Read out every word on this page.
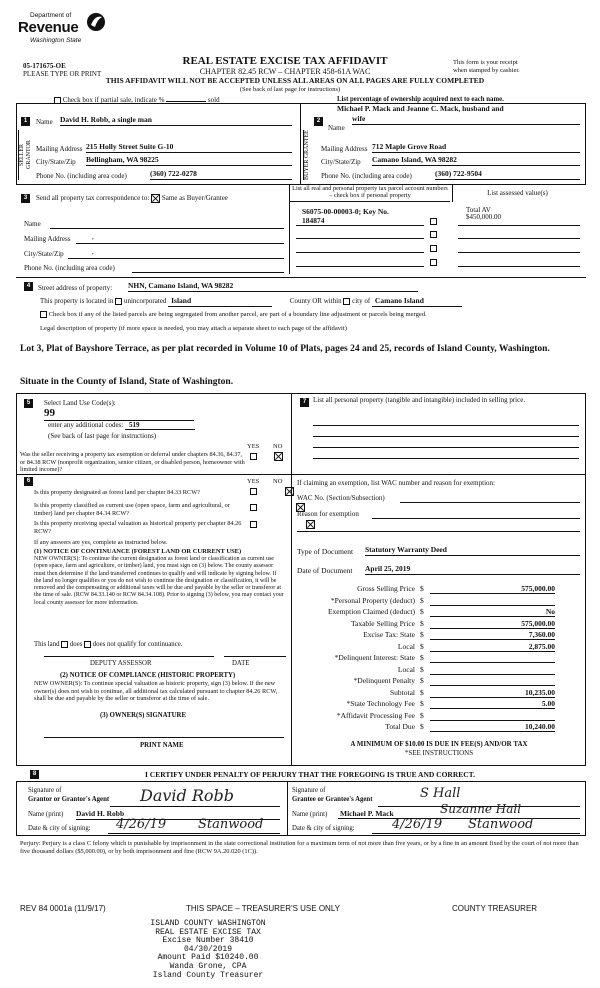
Department of
Revenue
Washington State
05-171675-OE
PLEASE TYPE OR PRINT
REAL ESTATE EXCISE TAX AFFIDAVIT
CHAPTER 82.45 RCW – CHAPTER 458-61A WAC
THIS AFFIDAVIT WILL NOT BE ACCEPTED UNLESS ALL AREAS ON ALL PAGES ARE FULLY COMPLETED
(See back of last page for instructions)
This form is your receipt
when stamped by cashier.
Check box if partial sale, indicate %	sold	List percentage of ownership acquired next to each name.
1	Name David H. Robb, a single man
SELLER GRANTOR Mailing Address 215 Holly Street Suite G-10
City/State/Zip Bellingham, WA 98225
Phone No. (including area code)	(360) 722-0278
2
Michael P. Mack and Jeanne C. Mack, husband and
Name
wife
BUYER GRANTEE	Mailing Address 712 Maple Grove Road
City/State/Zip Camano Island, WA 98282
Phone No. (including area code)	(360) 722-9504
3	Send all property tax correspondence to: Same as Buyer/Grantee
Name
Mailing Address	,
City/State/Zip	,
Phone No. (including area code)
List all real and personal property tax parcel account numbers – check box if personal property	List assessed value(s)
S6075-00-00003-0; Key No.
184874
Total AV
$450,000.00
4	Street address of property: NHN, Camano Island, WA 98282
This property is located in unincorporated Island	County OR within city of Camano Island
Check box if any of the listed parcels are being segregated from another parcel, are part of a boundary line adjustment or parcels being merged.
Legal description of property (if more space is needed, you may attach a separate sheet to each page of the affidavit)
Lot 3, Plat of Bayshore Terrace, as per plat recorded in Volume 10 of Plats, pages 24 and 25, records of Island County, Washington.
Situate in the County of Island, State of Washington.
5	Select Land Use Code(s):
99
enter any additional codes: 519
(See back of last page for instructions)
YES NO
Was the seller receiving a property tax exemption or deferral under chapters 84.36, 84.37, or 84.38 RCW (nonprofit organization, senior citizen, or disabled person, homeowner with limited income)?

6	YES NO
Is this property designated as forest land per chapter 84.33 RCW?

Is this property classified as current use (open space, farm and agricultural, or timber) land per chapter 84.34 RCW?

Is this property receiving special valuation as historical property per chapter 84.26 RCW?
If any answers are yes, complete as instructed below.
(1) NOTICE OF CONTINUANCE (FOREST LAND OR CURRENT USE)
NEW OWNER(S): To continue the current designation as forest land or classification as current use (open space, farm and agriculture, or timber) land, you must sign on (3) below. The county assessor must then determine if the land transferred continues to qualify and will indicate by signing below. If the land no longer qualifies or you do not wish to continue the designation or classification, it will be removed and the compensating or additional taxes will be due and payable by the seller or transferor at the time of sale. (RCW 84.33.140 or RCW 84.34.108). Prior to signing (3) below, you may contact your local county assessor for more information.
This land does does not qualify for continuance.
DEPUTY ASSESSOR	DATE
(2) NOTICE OF COMPLIANCE (HISTORIC PROPERTY)
NEW OWNER(S): To continue special valuation as historic property, sign (3) below. If the new owner(s) does not wish to continue, all additional tax calculated pursuant to chapter 84.26 RCW, shall be due and payable by the seller or transferor at the time of sale.
(3) OWNER(S) SIGNATURE
PRINT NAME
7 List all personal property (tangible and intangible) included in selling price.
If claiming an exemption, list WAC number and reason for exemption:
WAC No. (Section/Subsection)
Reason for exemption
Type of Document Statutory Warranty Deed
Date of Document April 25, 2019
Gross Selling Price $	575,000.00
*Personal Property (deduct) $
Exemption Claimed (deduct) $	No
Taxable Selling Price $	575,000.00
Excise Tax: State $	7,360.00
Local $	2,875.00
*Delinquent Interest: State $
Local $
*Delinquent Penalty $
Subtotal $	10,235.00
*State Technology Fee $	5.00
*Affidavit Processing Fee $
Total Due $	10,240.00
A MINIMUM OF $10.00 IS DUE IN FEE(S) AND/OR TAX
*SEE INSTRUCTIONS
8	I CERTIFY UNDER PENALTY OF PERJURY THAT THE FOREGOING IS TRUE AND CORRECT.
Signature of
Grantor or Grantor's Agent David Robb
Name (print) David H. Robb
Date & city of signing: 4/26/19 Stanwood
Signature of
Grantee or Grantee's Agent	S Hall
Name (print) Michael P. Mack	Suzanne Hall
Date & city of signing:	4/26/19 Stanwood
Perjury: Perjury is a class C felony which is punishable by imprisonment in the state correctional institution for a maximum term of not more than five years, or by a fine in an amount fixed by the court of not more than five thousand dollars ($5,000.00), or by both imprisonment and fine (RCW 9A.20.020 (1C)).
REV 84 0001a (11/9/17)	THIS SPACE – TREASURER'S USE ONLY	COUNTY TREASURER
ISLAND COUNTY WASHINGTON
REAL ESTATE EXCISE TAX
Excise Number 38410
04/30/2019
Amount Paid $10240.00
Wanda Grone, CPA
Island County Treasurer
